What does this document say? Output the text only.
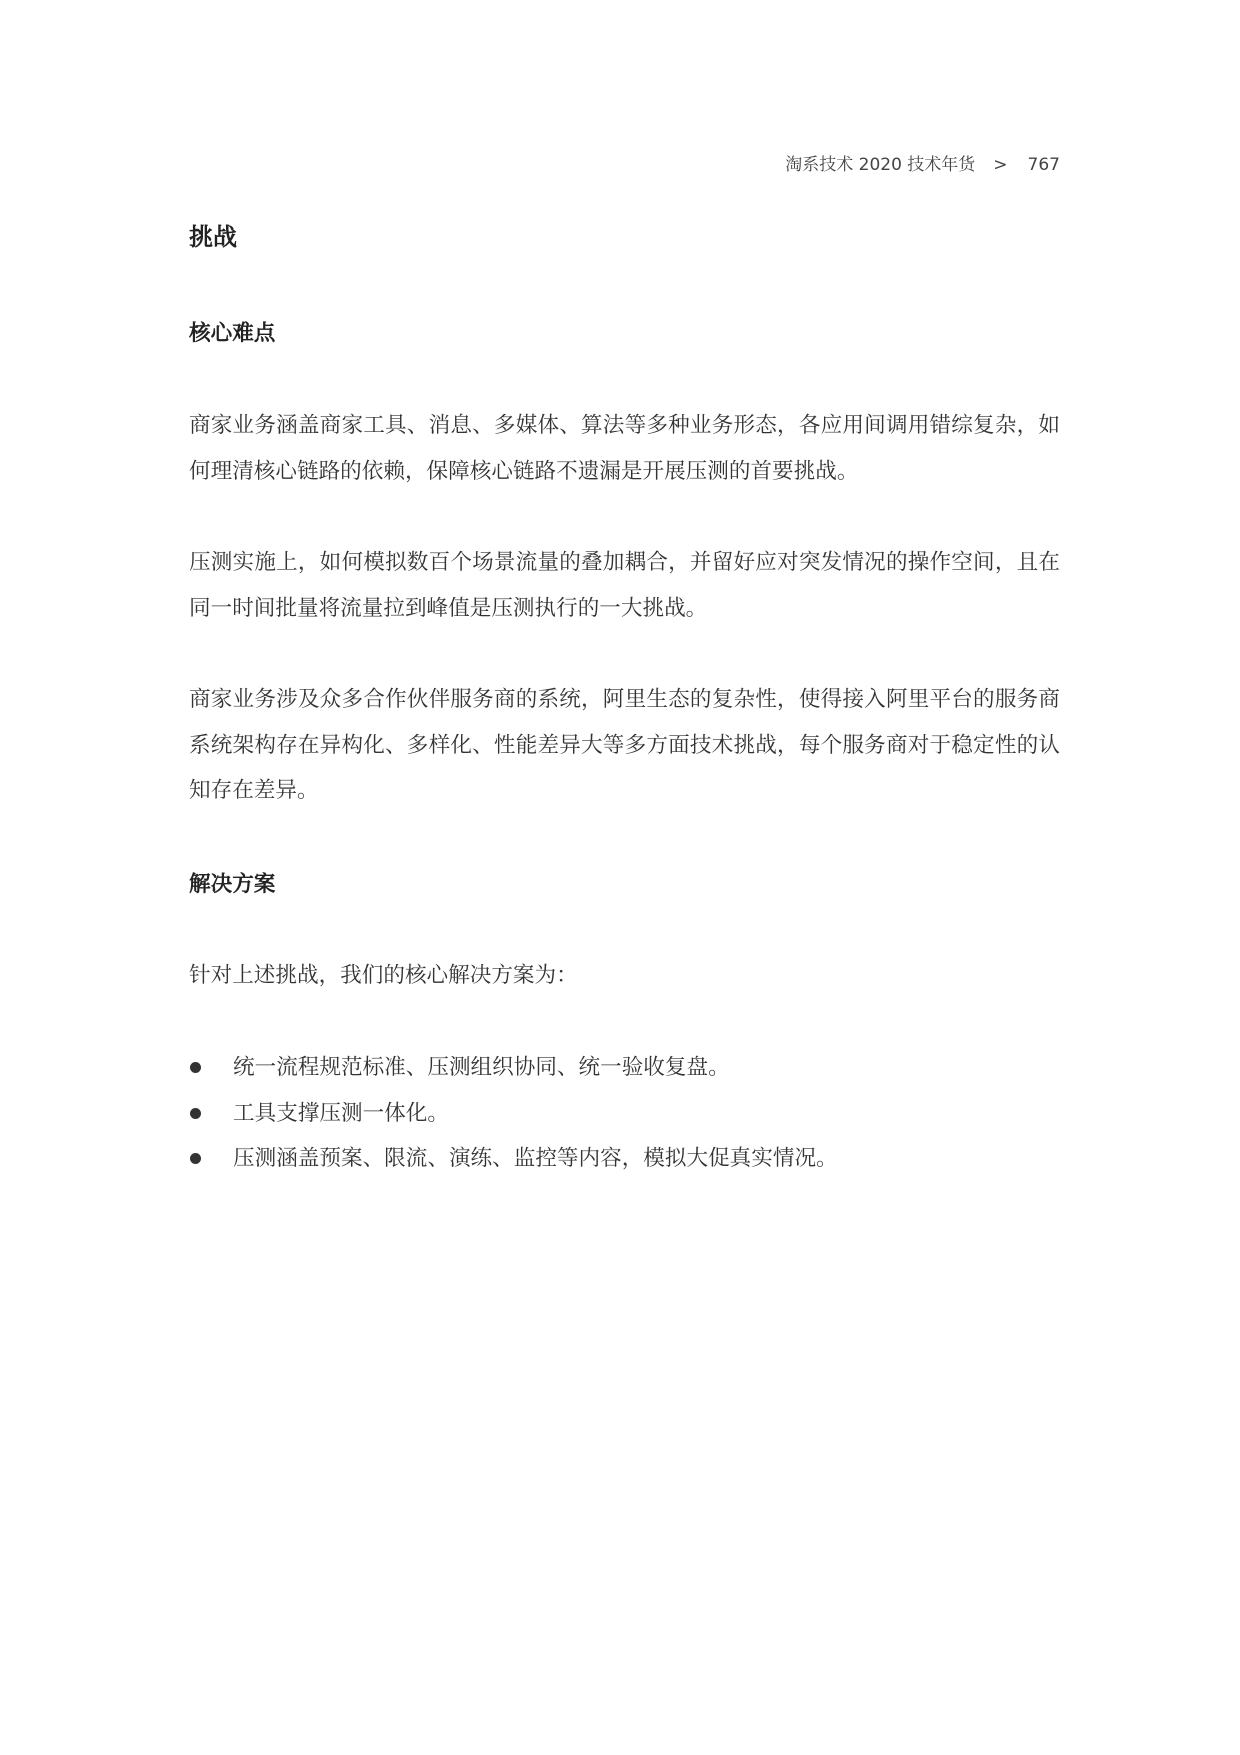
淘系技术 2020 技术年货 > 767
挑战
核心难点
商家业务涵盖商家工具、消息、多媒体、算法等多种业务形态，各应用间调用错综复杂，如
何理清核心链路的依赖，保障核心链路不遗漏是开展压测的首要挑战。
压测实施上，如何模拟数百个场景流量的叠加耦合，并留好应对突发情况的操作空间，且在
同一时间批量将流量拉到峰值是压测执行的一大挑战。
商家业务涉及众多合作伙伴服务商的系统，阿里生态的复杂性，使得接入阿里平台的服务商
系统架构存在异构化、多样化、性能差异大等多方面技术挑战，每个服务商对于稳定性的认
知存在差异。
解决方案
针对上述挑战，我们的核心解决方案为：
统一流程规范标准、压测组织协同、统一验收复盘。
工具支撑压测一体化。
压测涵盖预案、限流、演练、监控等内容，模拟大促真实情况。
